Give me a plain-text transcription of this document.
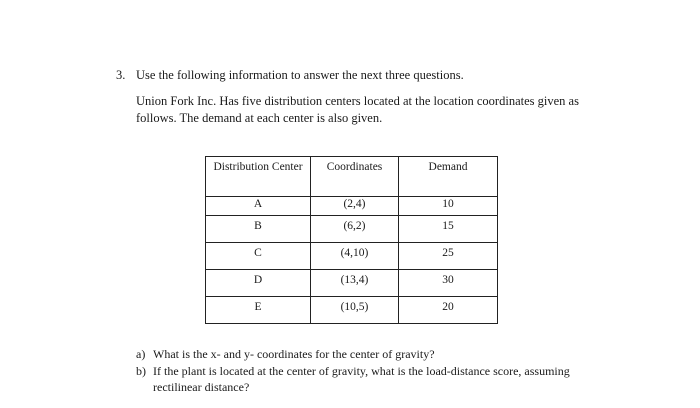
3. Use the following information to answer the next three questions.
Union Fork Inc. Has five distribution centers located at the location coordinates given as follows. The demand at each center is also given.
Distribution Center	Coordinates	Demand
A	(2,4)	10
B	(6,2)	15
C	(4,10)	25
D	(13,4)	30
E	(10,5)	20
a) What is the x- and y- coordinates for the center of gravity?
b) If the plant is located at the center of gravity, what is the load-distance score, assuming rectilinear distance?
